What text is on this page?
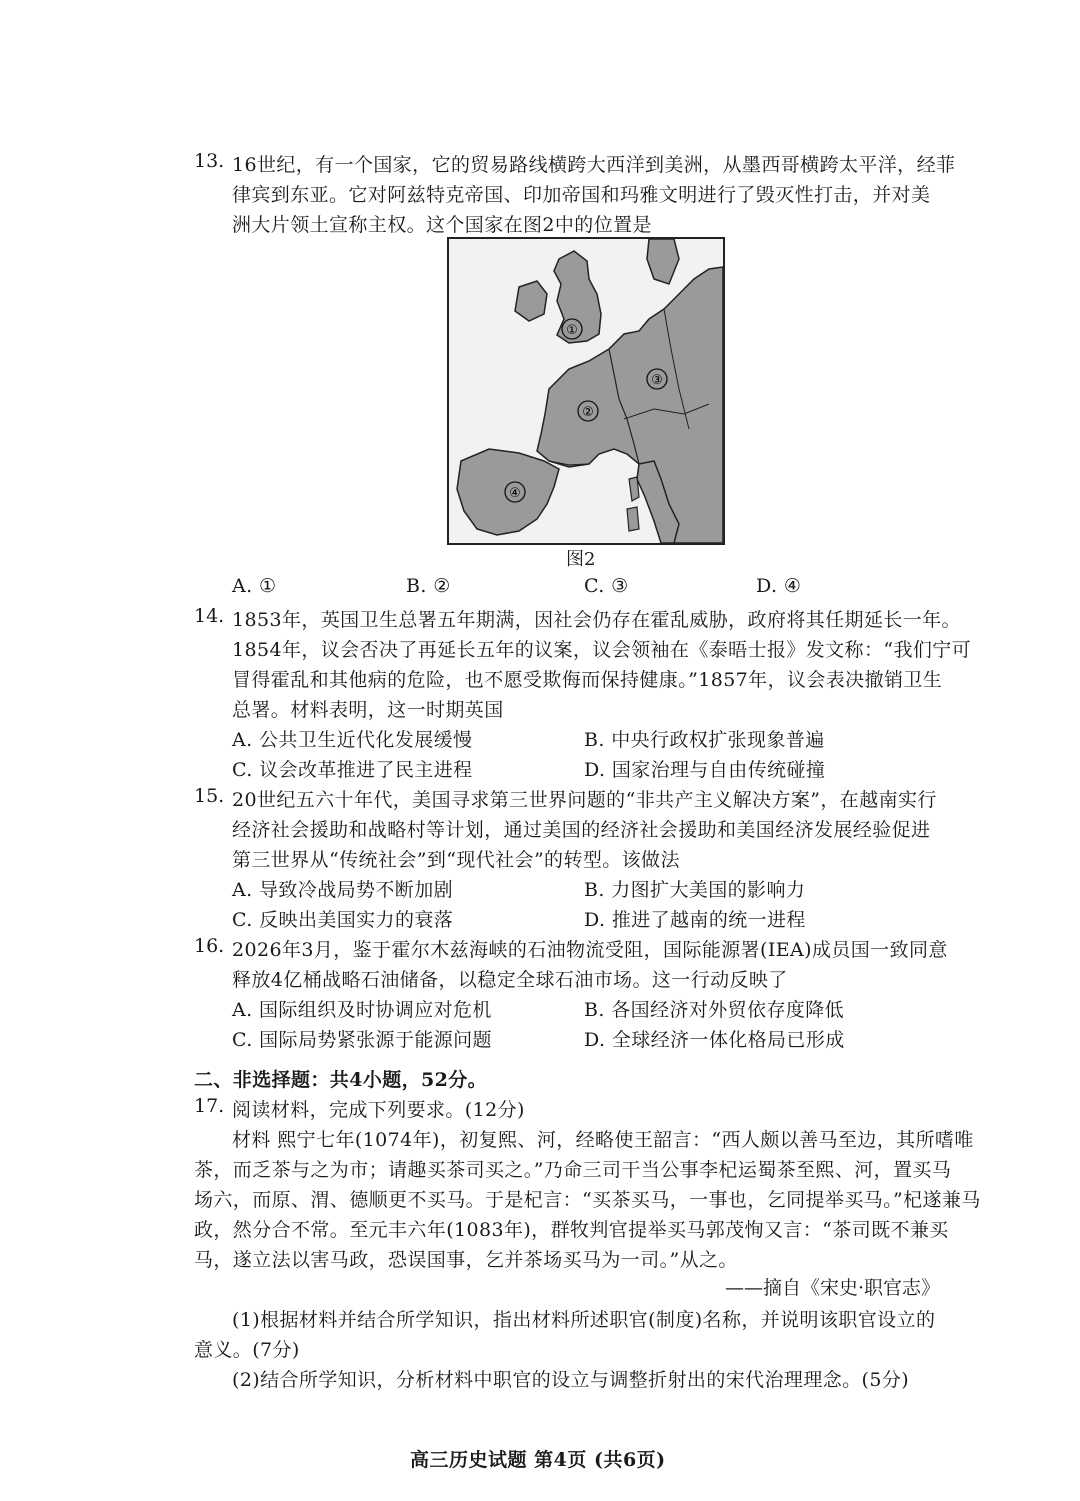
13. 16世纪，有一个国家，它的贸易路线横跨大西洋到美洲，从墨西哥横跨太平洋，经菲
律宾到东亚。它对阿兹特克帝国、印加帝国和玛雅文明进行了毁灭性打击，并对美
洲大片领土宣称主权。这个国家在图2中的位置是
①
②
③
④
图2
A. ①	B. ②	C. ③	D. ④
14. 1853年，英国卫生总署五年期满，因社会仍存在霍乱威胁，政府将其任期延长一年。
1854年，议会否决了再延长五年的议案，议会领袖在《泰晤士报》发文称：“我们宁可
冒得霍乱和其他病的危险，也不愿受欺侮而保持健康。”1857年，议会表决撤销卫生
总署。材料表明，这一时期英国
A. 公共卫生近代化发展缓慢	B. 中央行政权扩张现象普遍
C. 议会改革推进了民主进程	D. 国家治理与自由传统碰撞
15. 20世纪五六十年代，美国寻求第三世界问题的“非共产主义解决方案”，在越南实行
经济社会援助和战略村等计划，通过美国的经济社会援助和美国经济发展经验促进
第三世界从“传统社会”到“现代社会”的转型。该做法
A. 导致冷战局势不断加剧	B. 力图扩大美国的影响力
C. 反映出美国实力的衰落	D. 推进了越南的统一进程
16. 2026年3月，鉴于霍尔木兹海峡的石油物流受阻，国际能源署(IEA)成员国一致同意
释放4亿桶战略石油储备，以稳定全球石油市场。这一行动反映了
A. 国际组织及时协调应对危机	B. 各国经济对外贸依存度降低
C. 国际局势紧张源于能源问题	D. 全球经济一体化格局已形成
二、非选择题：共4小题，52分。
17. 阅读材料，完成下列要求。(12分)
材料 熙宁七年(1074年)，初复熙、河，经略使王韶言：“西人颇以善马至边，其所嗜唯
茶，而乏茶与之为市；请趣买茶司买之。”乃命三司干当公事李杞运蜀茶至熙、河，置买马
场六，而原、渭、德顺更不买马。于是杞言：“买茶买马，一事也，乞同提举买马。”杞遂兼马
政，然分合不常。至元丰六年(1083年)，群牧判官提举买马郭茂恂又言：“茶司既不兼买
马，遂立法以害马政，恐误国事，乞并茶场买马为一司。”从之。
——摘自《宋史·职官志》
(1)根据材料并结合所学知识，指出材料所述职官(制度)名称，并说明该职官设立的
意义。(7分)
(2)结合所学知识，分析材料中职官的设立与调整折射出的宋代治理理念。(5分)
高三历史试题 第4页 (共6页)
